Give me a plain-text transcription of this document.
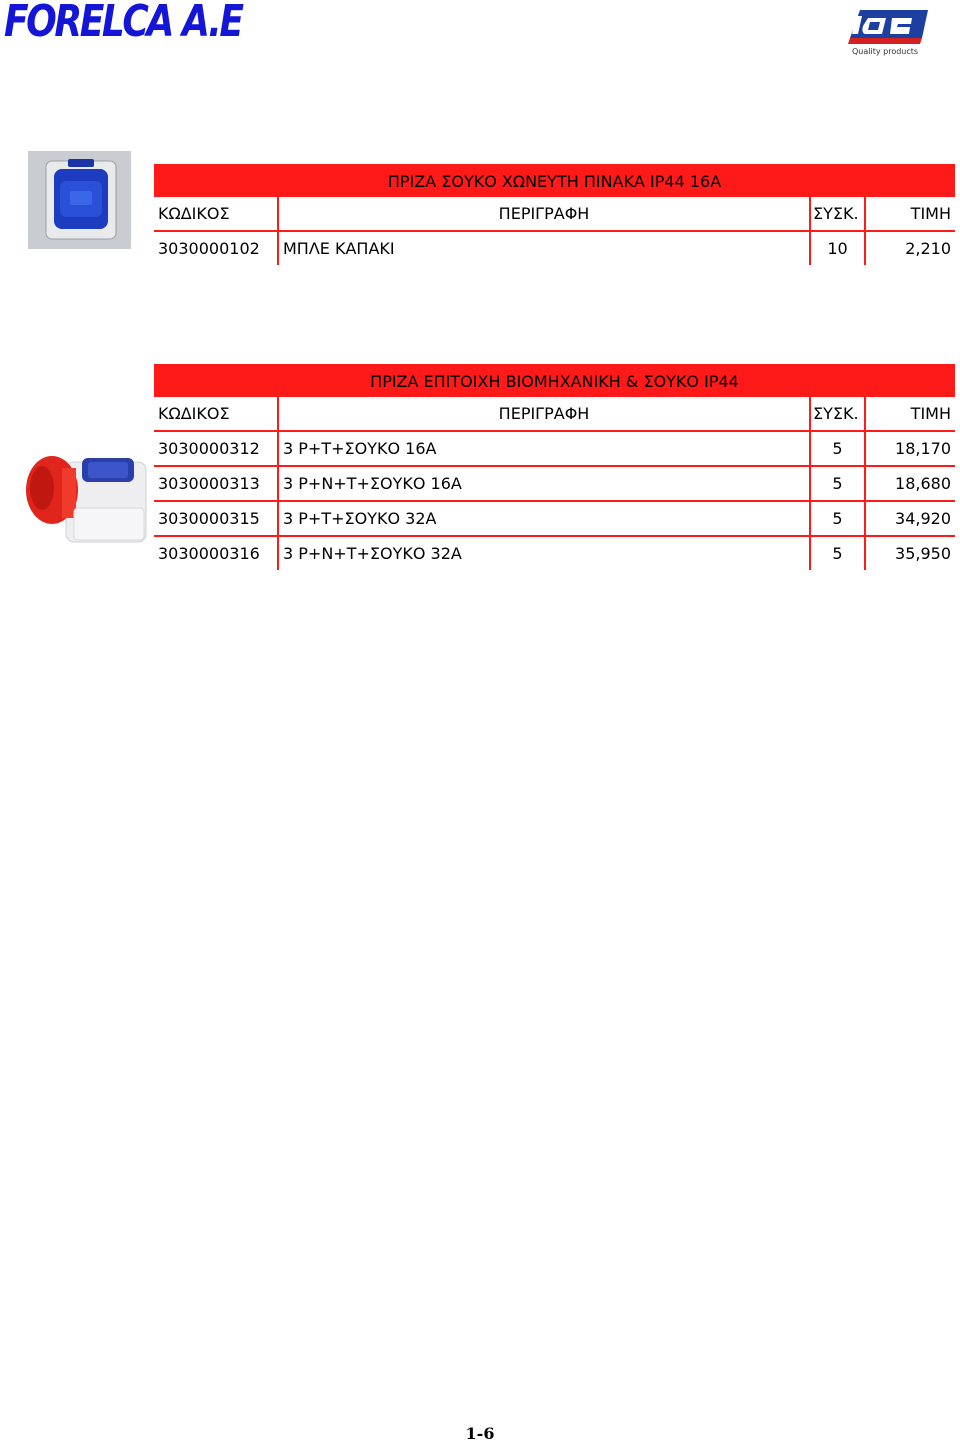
FORELCA A.E
Quality products
ΠΡΙΖΑ ΣΟΥΚΟ ΧΩΝΕΥΤΗ ΠΙΝΑΚΑ IP44 16A
ΚΩΔΙΚΟΣ	ΠΕΡΙΓΡΑΦΗ	ΣΥΣΚ.	ΤΙΜΗ
3030000102	ΜΠΛΕ ΚΑΠΑΚΙ	10	2,210
ΠΡΙΖΑ ΕΠΙΤΟΙΧΗ ΒΙΟΜΗΧΑΝΙΚΗ & ΣΟΥΚΟ IP44
ΚΩΔΙΚΟΣ	ΠΕΡΙΓΡΑΦΗ	ΣΥΣΚ.	ΤΙΜΗ
3030000312	3 P+T+ΣΟΥΚΟ 16A	5	18,170
3030000313	3 P+N+T+ΣΟΥΚΟ 16A	5	18,680
3030000315	3 P+T+ΣΟΥΚΟ 32A	5	34,920
3030000316	3 P+N+T+ΣΟΥΚΟ 32A	5	35,950
1-6
